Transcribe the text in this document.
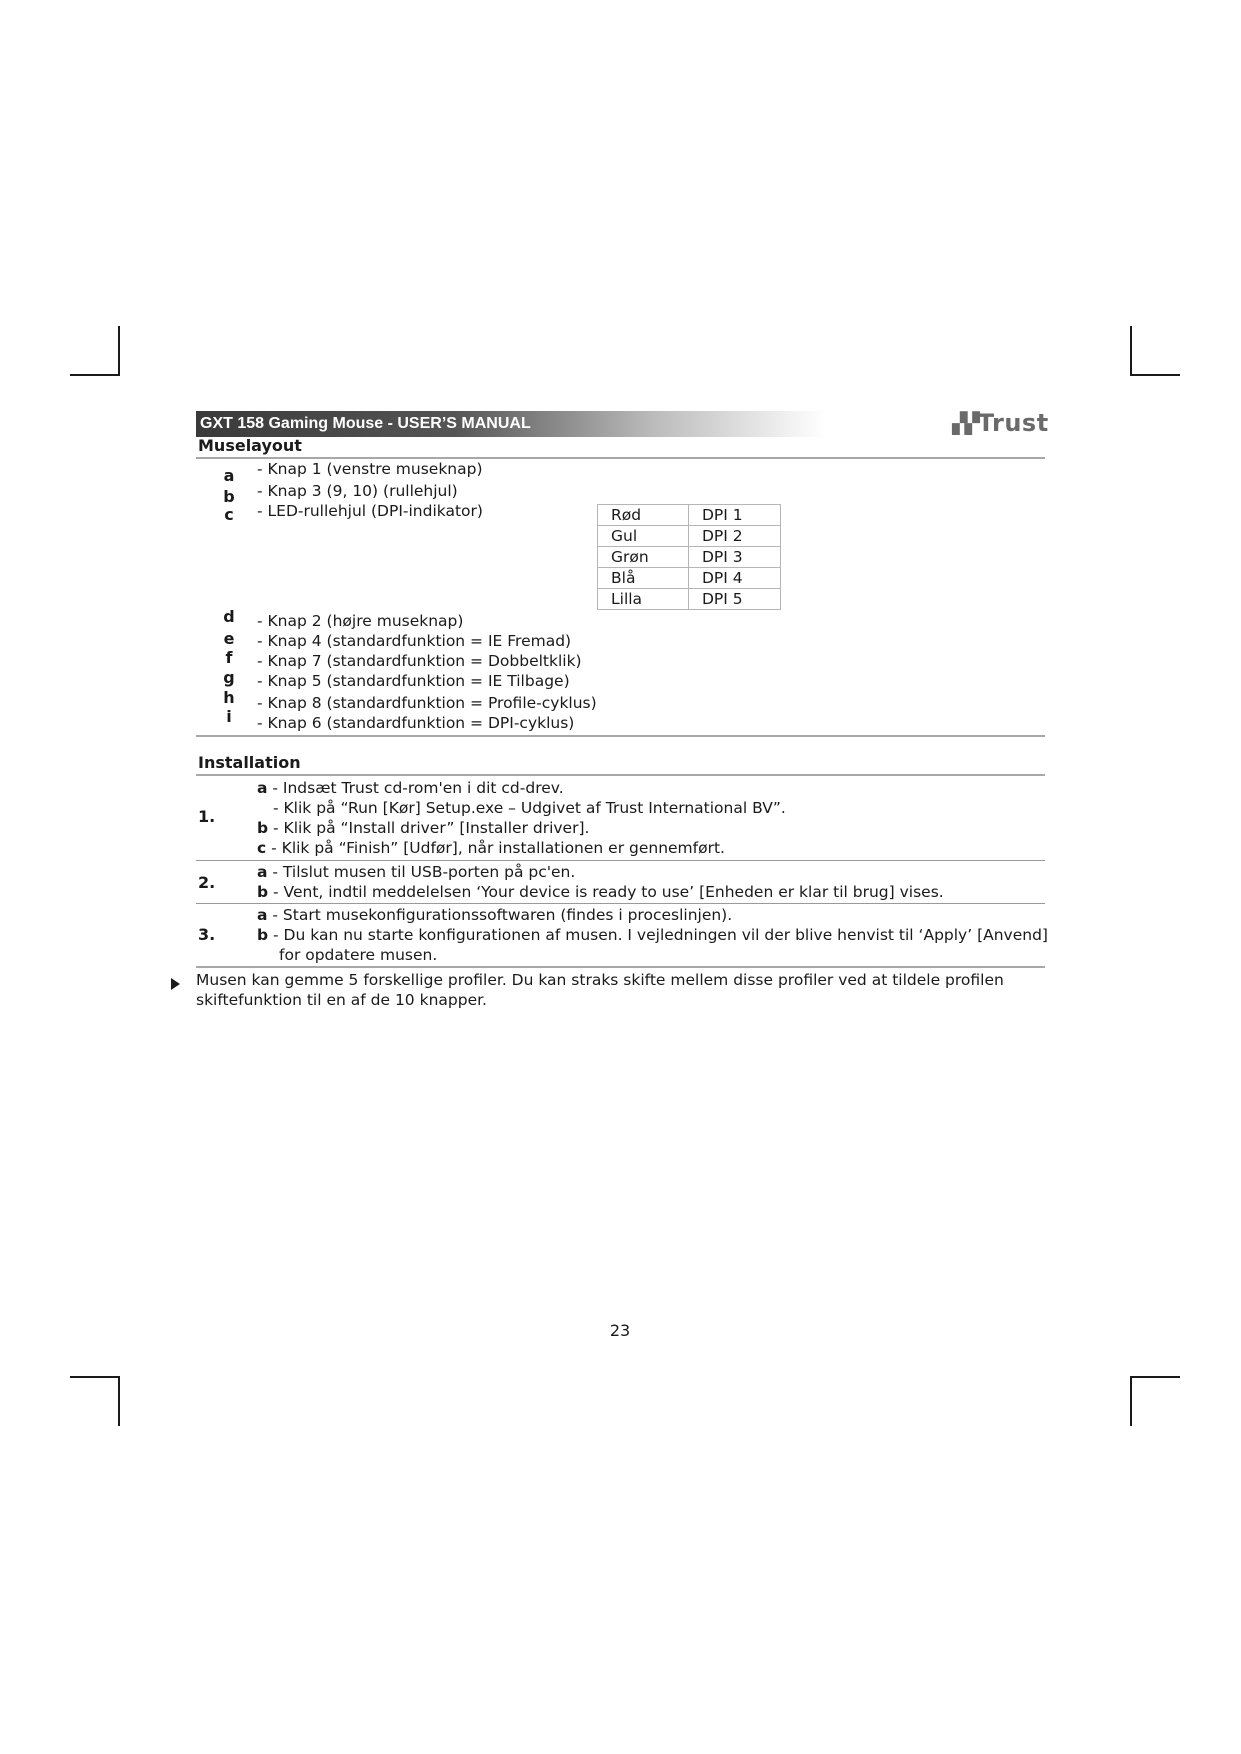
GXT 158 Gaming Mouse - USER’S MANUAL	▞▞ Trust
Muselayout
a - Knap 1 (venstre museknap)
b - Knap 3 (9, 10) (rullehjul)
c - LED-rullehjul (DPI-indikator)	Rød	DPI 1
Gul	DPI 2
Grøn	DPI 3
Blå	DPI 4
Lilla	DPI 5
d - Knap 2 (højre museknap)
e - Knap 4 (standardfunktion = IE Fremad)
f - Knap 7 (standardfunktion = Dobbeltklik)
g - Knap 5 (standardfunktion = IE Tilbage)
h - Knap 8 (standardfunktion = Profile-cyklus)
i - Knap 6 (standardfunktion = DPI-cyklus)
Installation
1.
a - Indsæt Trust cd-rom'en i dit cd-drev.
- Klik på “Run [Kør] Setup.exe – Udgivet af Trust International BV”.
b - Klik på “Install driver” [Installer driver].
c - Klik på “Finish” [Udfør], når installationen er gennemført.
2.
a - Tilslut musen til USB-porten på pc'en.
b - Vent, indtil meddelelsen ‘Your device is ready to use’ [Enheden er klar til brug] vises.
3.
a - Start musekonfigurationssoftwaren (findes i proceslinjen).
b - Du kan nu starte konfigurationen af musen. I vejledningen vil der blive henvist til ‘Apply’ [Anvend]
for opdatere musen.
Musen kan gemme 5 forskellige profiler. Du kan straks skifte mellem disse profiler ved at tildele profilen
skiftefunktion til en af de 10 knapper.
23
